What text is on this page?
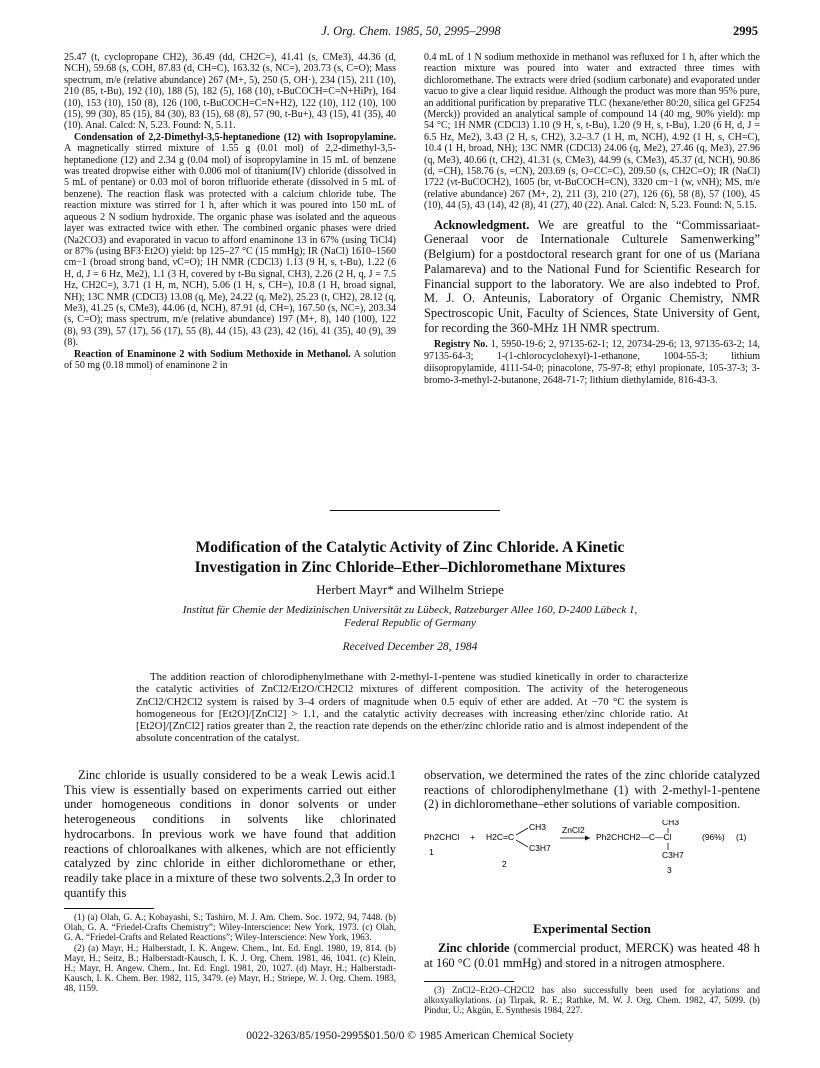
J. Org. Chem. 1985, 50, 2995–2998	2995

25.47 (t, cyclopropane CH2), 36.49 (dd, CH2C=), 41.41 (s, CMe3), 44.36 (d, NCH), 59.68 (s, COH, 87.83 (d, CH=C), 163.32 (s, NC=), 203.73 (s, C=O); Mass spectrum, m/e (relative abundance) 267 (M+, 5), 250 (5, OH·), 234 (15), 211 (10), 210 (85, t-Bu), 192 (10), 188 (5), 182 (5), 168 (10), t-BuCOCH=C=N+HiPr), 164 (10), 153 (10), 150 (8), 126 (100, t-BuCOCH=C=N+H2), 122 (10), 112 (10), 100 (15), 99 (30), 85 (15), 84 (30), 83 (15), 68 (8), 57 (90, t-Bu+), 43 (15), 41 (35), 40 (10). Anal. Calcd: N, 5.23. Found: N, 5.11.

Condensation of 2,2-Dimethyl-3,5-heptanedione (12) with Isopropylamine. A magnetically stirred mixture of 1.55 g (0.01 mol) of 2,2-dimethyl-3,5-heptanedione (12) and 2.34 g (0.04 mol) of isopropylamine in 15 mL of benzene was treated dropwise either with 0.006 mol of titanium(IV) chloride (dissolved in 5 mL of pentane) or 0.03 mol of boron trifluoride etherate (dissolved in 5 mL of benzene). The reaction flask was protected with a calcium chloride tube. The reaction mixture was stirred for 1 h, after which it was poured into 150 mL of aqueous 2 N sodium hydroxide. The organic phase was isolated and the aqueous layer was extracted twice with ether. The combined organic phases were dried (Na2CO3) and evaporated in vacuo to afford enaminone 13 in 67% (using TiCl4) or 87% (using BF3·Et2O) yield: bp 125–27 °C (15 mmHg); IR (NaCl) 1610–1560 cm−1 (broad strong band, νC=O); 1H NMR (CDCl3) 1.13 (9 H, s, t-Bu), 1.22 (6 H, d, J = 6 Hz, Me2), 1.1 (3 H, covered by t-Bu signal, CH3), 2.26 (2 H, q, J = 7.5 Hz, CH2C=), 3.71 (1 H, m, NCH), 5.06 (1 H, s, CH=), 10.8 (1 H, broad signal, NH); 13C NMR (CDCl3) 13.08 (q, Me), 24.22 (q, Me2), 25.23 (t, CH2), 28.12 (q, Me3), 41.25 (s, CMe3), 44.06 (d, NCH), 87.91 (d, CH=), 167.50 (s, NC=), 203.34 (s, C=O); mass spectrum, m/e (relative abundance) 197 (M+, 8), 140 (100), 122 (8), 93 (39), 57 (17), 56 (17), 55 (8), 44 (15), 43 (23), 42 (16), 41 (35), 40 (9), 39 (8).

Reaction of Enaminone 2 with Sodium Methoxide in Methanol. A solution of 50 mg (0.18 mmol) of enaminone 2 in

0.4 mL of 1 N sodium methoxide in methanol was refluxed for 1 h, after which the reaction mixture was poured into water and extracted three times with dichloromethane. The extracts were dried (sodium carbonate) and evaporated under vacuo to give a clear liquid residue. Although the product was more than 95% pure, an additional purification by preparative TLC (hexane/ether 80:20, silica gel GF254 (Merck)) provided an analytical sample of compound 14 (40 mg, 90% yield): mp 54 °C; 1H NMR (CDCl3) 1.10 (9 H, s, t-Bu), 1.20 (9 H, s, t-Bu), 1.20 (6 H, d, J = 6.5 Hz, Me2), 3.43 (2 H, s, CH2), 3.2–3.7 (1 H, m, NCH), 4.92 (1 H, s, CH=C), 10.4 (1 H, broad, NH); 13C NMR (CDCl3) 24.06 (q, Me2), 27.46 (q, Me3), 27.96 (q, Me3), 40.66 (t, CH2), 41.31 (s, CMe3), 44.99 (s, CMe3), 45.37 (d, NCH), 90.86 (d, =CH), 158.76 (s, =CN), 203.69 (s, O=CC=C), 209.50 (s, CH2C=O); IR (NaCl) 1722 (νt-BuCOCH2), 1605 (br, νt-BuCOCH=CN), 3320 cm−1 (w, νNH); MS, m/e (relative abundance) 267 (M+, 2), 211 (3), 210 (27), 126 (6), 58 (8), 57 (100), 45 (10), 44 (5), 43 (14), 42 (8), 41 (27), 40 (22). Anal. Calcd: N, 5.23. Found: N, 5.15.

Acknowledgment. We are greatful to the “Commissariaat-Generaal voor de Internationale Culturele Samenwerking” (Belgium) for a postdoctoral research grant for one of us (Mariana Palamareva) and to the National Fund for Scientific Research for Financial support to the laboratory. We are also indebted to Prof. M. J. O. Anteunis, Laboratory of Organic Chemistry, NMR Spectroscopic Unit, Faculty of Sciences, State University of Gent, for recording the 360-MHz 1H NMR spectrum.

Registry No. 1, 5950-19-6; 2, 97135-62-1; 12, 20734-29-6; 13, 97135-63-2; 14, 97135-64-3; 1-(1-chlorocyclohexyl)-1-ethanone, 1004-55-3; lithium diisopropylamide, 4111-54-0; pinacolone, 75-97-8; ethyl propionate, 105-37-3; 3-bromo-3-methyl-2-butanone, 2648-71-7; lithium diethylamide, 816-43-3.

Modification of the Catalytic Activity of Zinc Chloride. A Kinetic
Investigation in Zinc Chloride–Ether–Dichloromethane Mixtures
Herbert Mayr* and Wilhelm Striepe
Institut für Chemie der Medizinischen Universität zu Lübeck, Ratzeburger Allee 160, D-2400 Lübeck 1,
Federal Republic of Germany
Received December 28, 1984
The addition reaction of chlorodiphenylmethane with 2-methyl-1-pentene was studied kinetically in order to characterize the catalytic activities of ZnCl2/Et2O/CH2Cl2 mixtures of different composition. The activity of the heterogeneous ZnCl2/CH2Cl2 system is raised by 3–4 orders of magnitude when 0.5 equiv of ether are added. At −70 °C the system is homogeneous for [Et2O]/[ZnCl2] > 1.1, and the catalytic activity decreases with increasing ether/zinc chloride ratio. At [Et2O]/[ZnCl2] ratios greater than 2, the reaction rate depends on the ether/zinc chloride ratio and is almost independent of the absolute concentration of the catalyst.

Zinc chloride is usually considered to be a weak Lewis acid.1 This view is essentially based on experiments carried out either under homogeneous conditions in donor solvents or under heterogeneous conditions in solvents like chlorinated hydrocarbons. In previous work we have found that addition reactions of chloroalkanes with alkenes, which are not efficiently catalyzed by zinc chloride in either dichloromethane or ether, readily take place in a mixture of these two solvents.2,3 In order to quantify this

observation, we determined the rates of the zinc chloride catalyzed reactions of chlorodiphenylmethane (1) with 2-methyl-1-pentene (2) in dichloromethane–ether solutions of variable composition.

Ph2CHCl
1
+ H2C=C
CH3
C3H7
2
ZnCl2
CH3
Ph2CHCH2—C—Cl
C3H7
3
(96%) (1)
Experimental Section

Zinc chloride (commercial product, MERCK) was heated 48 h at 160 °C (0.01 mmHg) and stored in a nitrogen atmosphere.

(1) (a) Olah, G. A.; Kobayashi, S.; Tashiro, M. J. Am. Chem. Soc. 1972, 94, 7448. (b) Olah, G. A. “Friedel-Crafts Chemistry”; Wiley-Interscience: New York, 1973. (c) Olah, G. A. “Friedel-Crafts and Related Reactions”; Wiley-Interscience: New York, 1963.

(2) (a) Mayr, H.; Halberstadt, I. K. Angew. Chem., Int. Ed. Engl. 1980, 19, 814. (b) Mayr, H.; Seitz, B.; Halberstadt-Kausch, I. K. J. Org. Chem. 1981, 46, 1041. (c) Klein, H.; Mayr, H. Angew. Chem., Int. Ed. Engl. 1981, 20, 1027. (d) Mayr, H.; Halberstadt-Kausch, I. K. Chem. Ber. 1982, 115, 3479. (e) Mayr, H.; Striepe, W. J. Org. Chem. 1983, 48, 1159.	(3) ZnCl2–Et2O–CH2Cl2 has also successfully been used for acylations and alkoxyalkylations. (a) Tirpak, R. E.; Rathke, M. W. J. Org. Chem. 1982, 47, 5099. (b) Pindur, U.; Akgün, E. Synthesis 1984, 227.

0022-3263/85/1950-2995$01.50/0 © 1985 American Chemical Society
